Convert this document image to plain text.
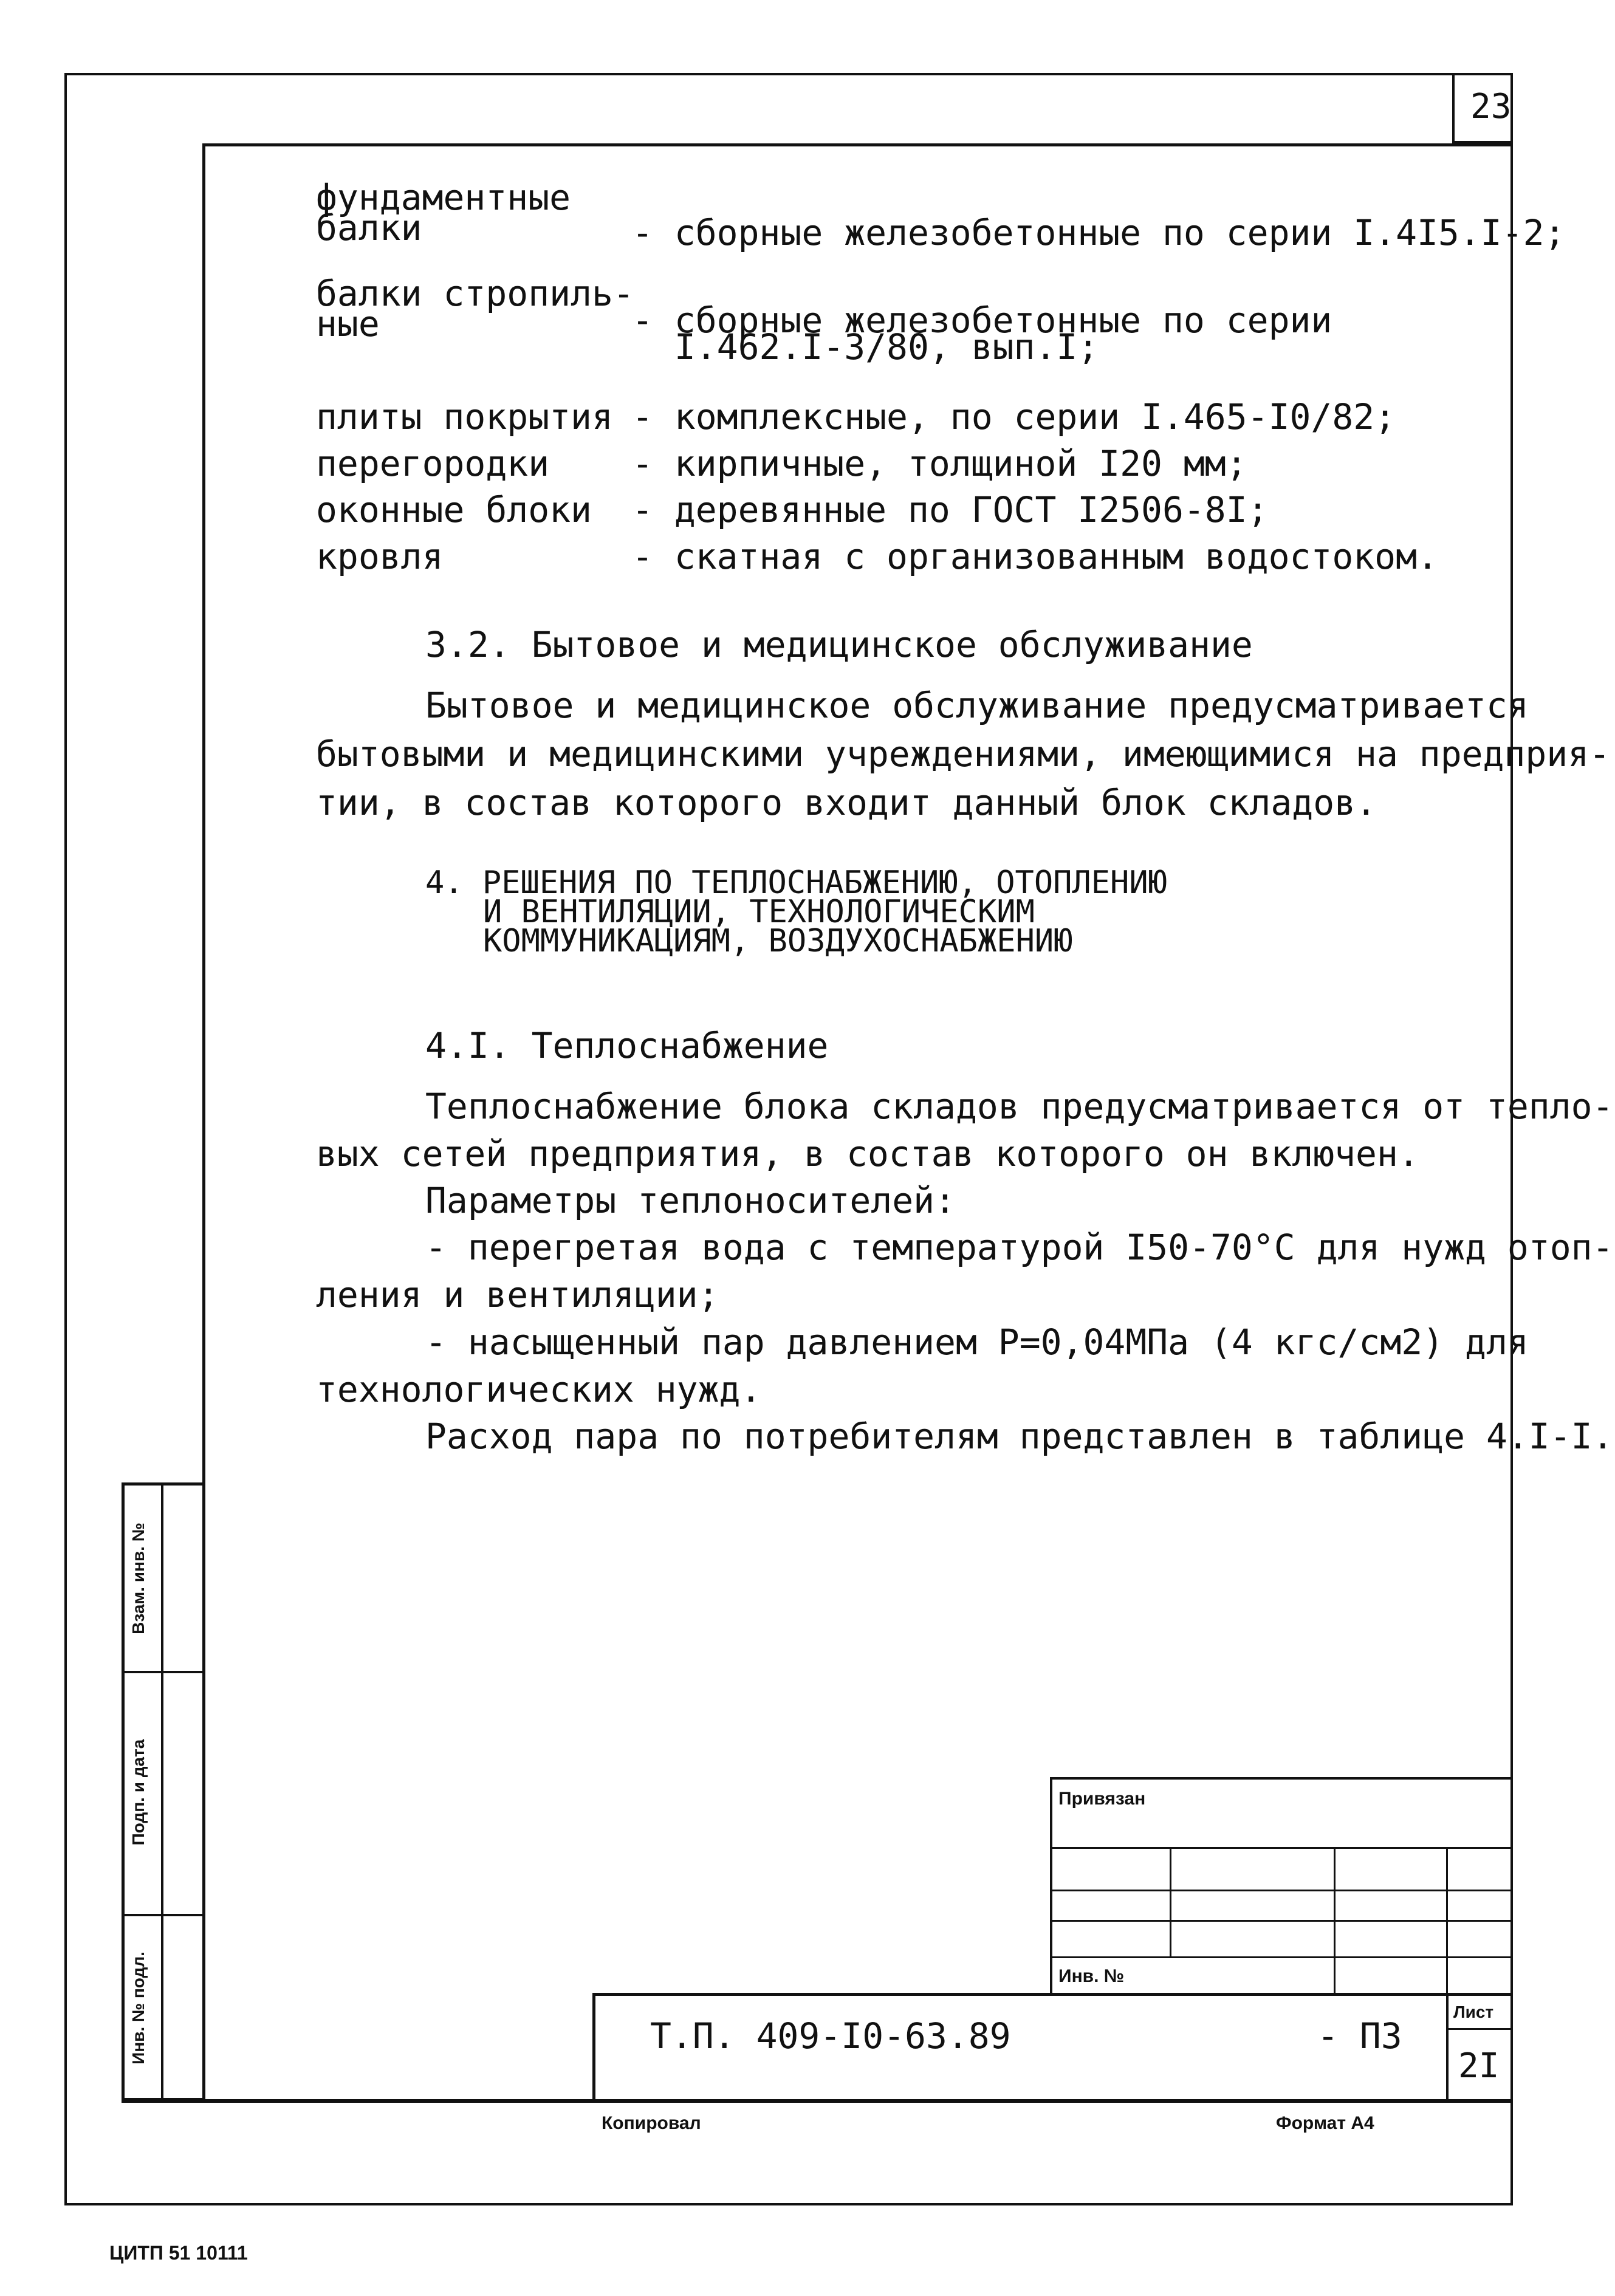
23
фундаментные
балки	- сборные железобетонные по серии I.4I5.I-2;
балки стропиль-
ные	- сборные железобетонные по серии
I.462.I-3/80, вып.I;
плиты покрытия - комплексные, по серии I.465-I0/82;
перегородки - кирпичные, толщиной I20 мм;
оконные блоки - деревянные по ГОСТ I2506-8I;
кровля	- скатная с организованным водостоком.
3.2. Бытовое и медицинское обслуживание
Бытовое и медицинское обслуживание предусматривается
бытовыми и медицинскими учреждениями, имеющимися на предприя-
тии, в состав которого входит данный блок складов.
4. РЕШЕНИЯ ПО ТЕПЛОСНАБЖЕНИЮ, ОТОПЛЕНИЮ
И ВЕНТИЛЯЦИИ, ТЕХНОЛОГИЧЕСКИМ
КОММУНИКАЦИЯМ, ВОЗДУХОСНАБЖЕНИЮ
4.I. Теплоснабжение
Теплоснабжение блока складов предусматривается от тепло-
вых сетей предприятия, в состав которого он включен.
Параметры теплоносителей:
- перегретая вода с температурой I50-70°С для нужд отоп-
ления и вентиляции;
- насыщенный пар давлением Р=0,04МПа (4 кгс/см2) для
технологических нужд.
Расход пара по потребителям представлен в таблице 4.I-I.
Взам. инв. №
Подп. и дата
Инв. № подл.
Привязан
Инв. №
Т.П. 409-I0-63.89	- ПЗ
Лист
2I
Копировал	Формат А4
ЦИТП 51 10111
